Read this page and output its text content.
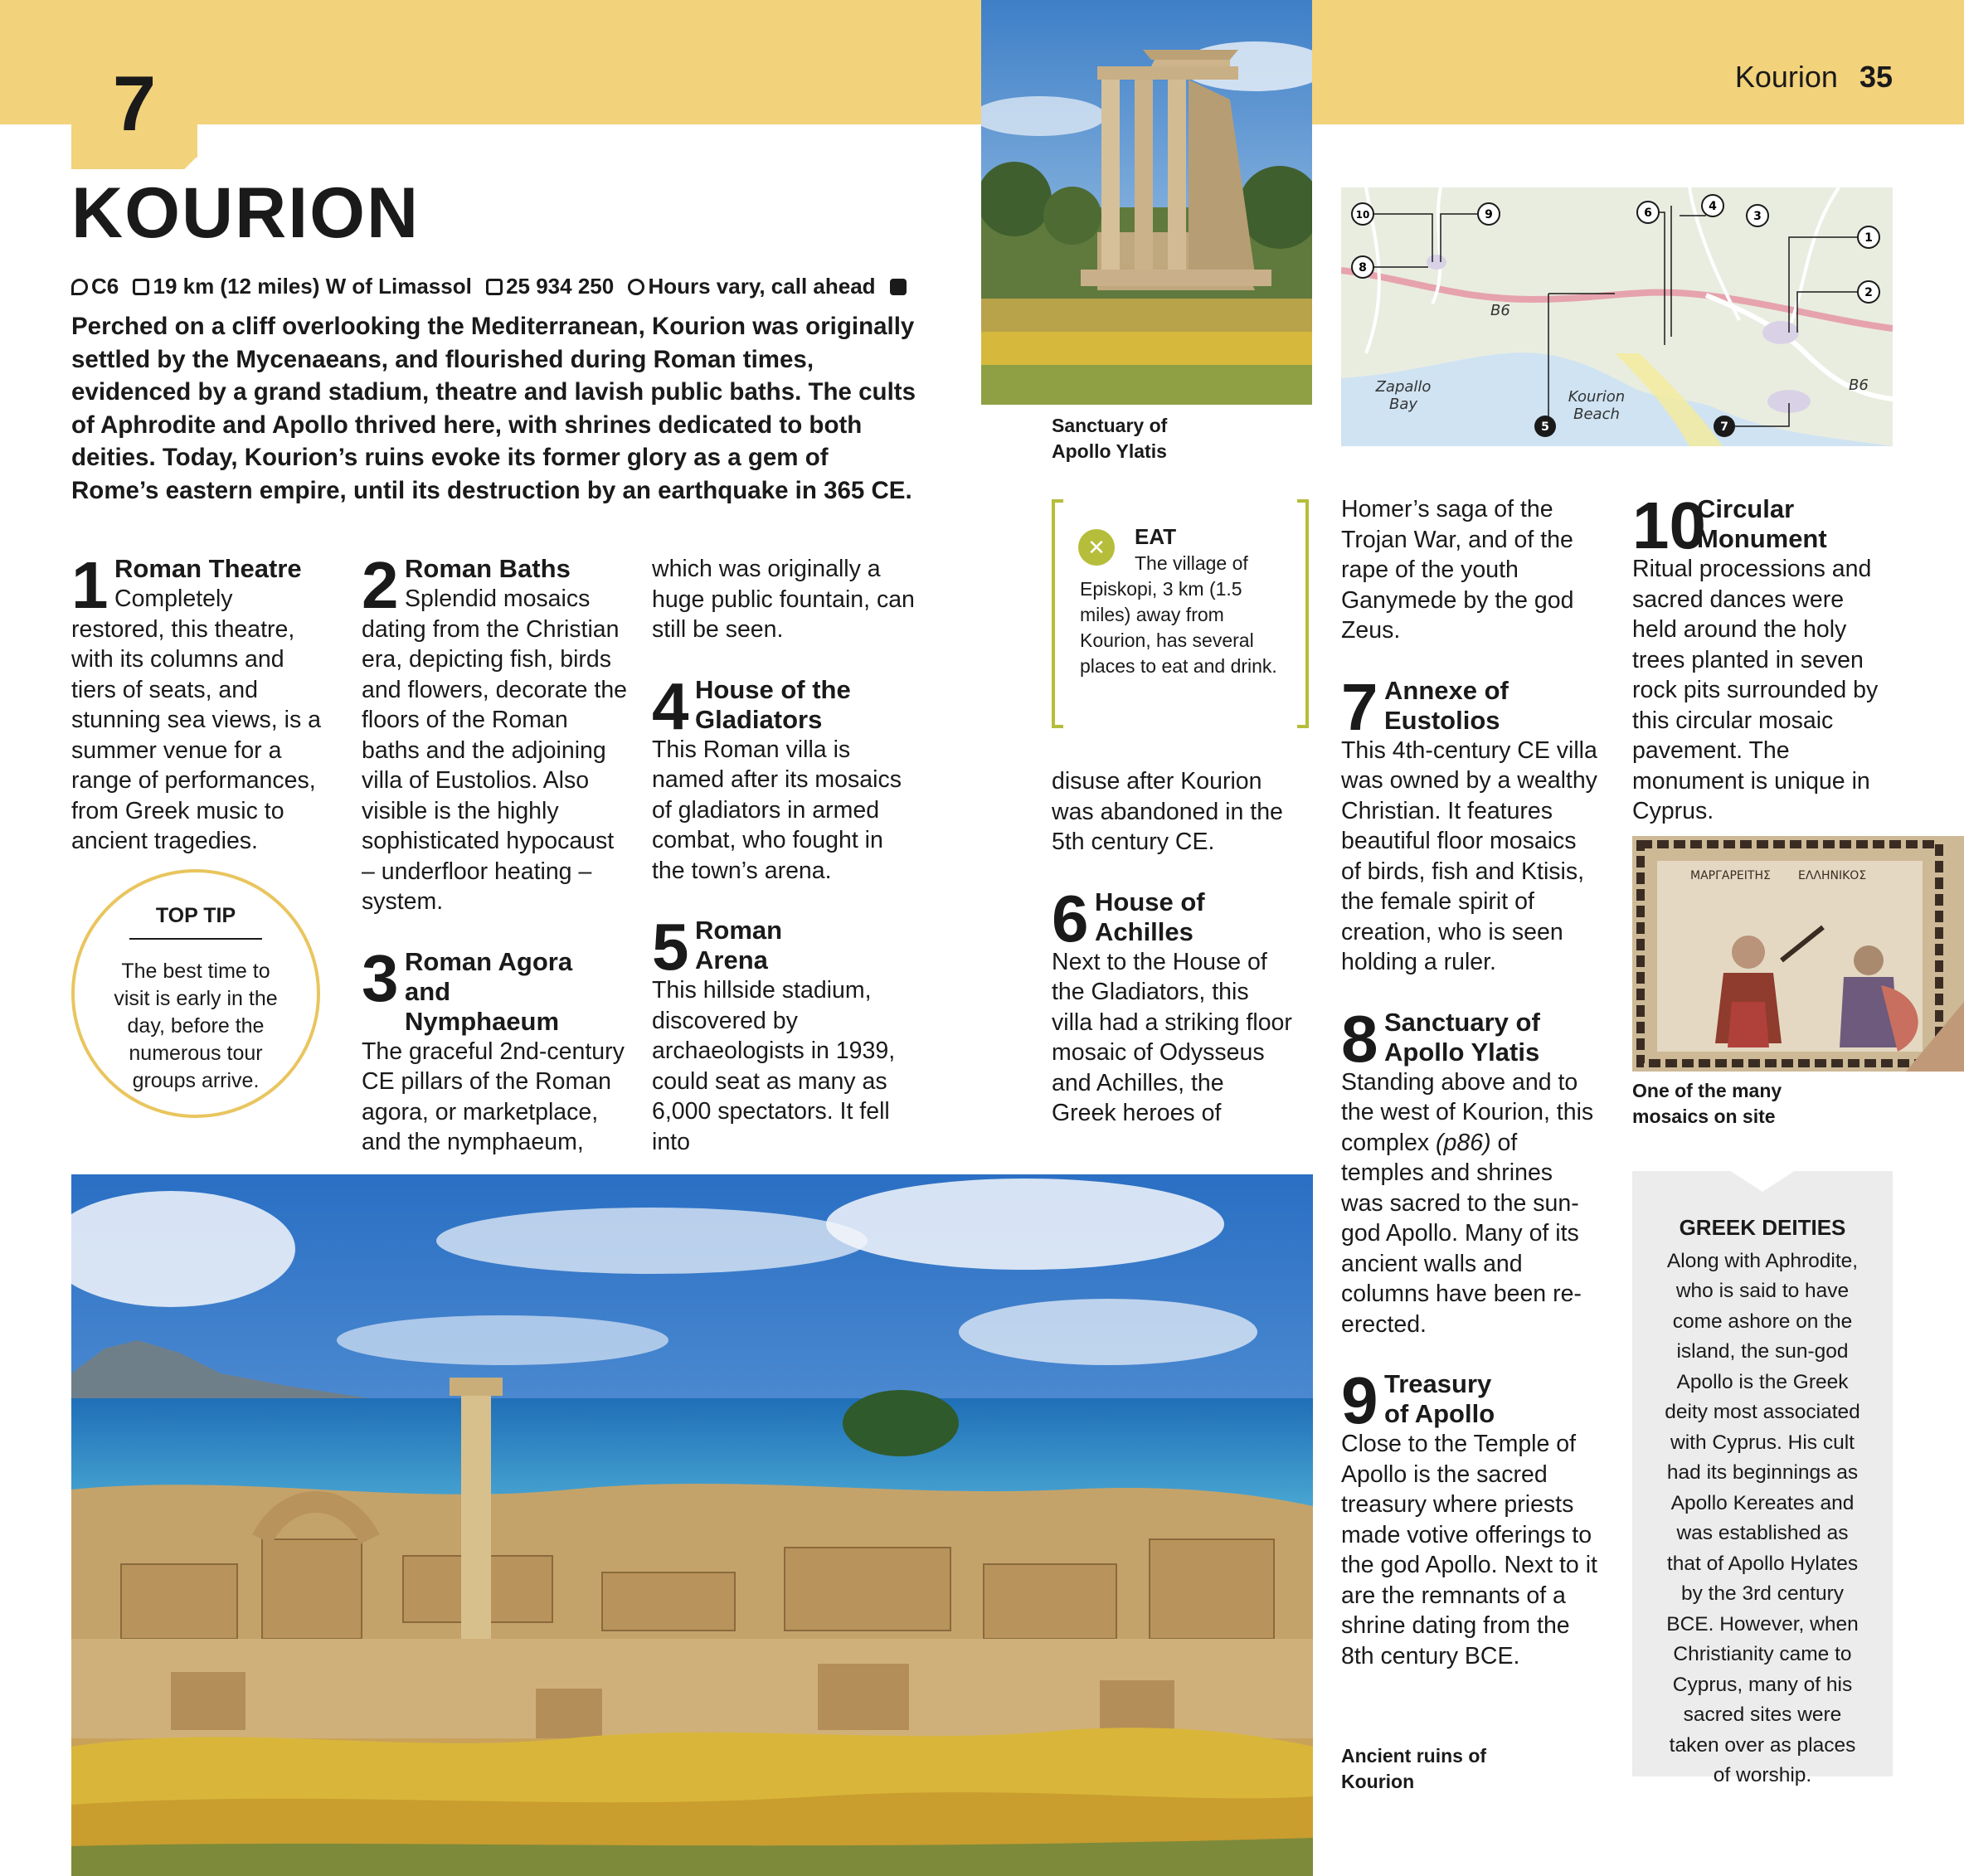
7	Kourion 35
Sanctuary of Apollo Ylatis
KOURION
C6 19 km (12 miles) W of Limassol 25 934 250 Hours vary, call ahead
Perched on a cliff overlooking the Mediterranean, Kourion was originally settled by the Mycenaeans, and flourished during Roman times, evidenced by a grand stadium, theatre and lavish public baths. The cults of Aphrodite and Apollo thrived here, with shrines dedicated to both deities. Today, Kourion’s ruins evoke its former glory as a gem of Rome’s eastern empire, until its destruction by an earthquake in 365 CE.
1 Roman Theatre

Completely restored, this theatre, with its columns and tiers of seats, and stunning sea views, is a summer venue for a range of performances, from Greek music to ancient tragedies.

TOP TIP
The best time to visit is early in the day, before the numerous tour groups arrive.
2 Roman Baths

Splendid mosaics dating from the Christian era, depicting fish, birds and flowers, decorate the floors of the Roman baths and the adjoining villa of Eustolios. Also visible is the highly sophisticated hypocaust – underfloor heating – system.

3 Roman Agora and Nymphaeum

The graceful 2nd-century CE pillars of the Roman agora, or marketplace, and the nymphaeum,

which was originally a huge public fountain, can still be seen.

4 House of the Gladiators

This Roman villa is named after its mosaics of gladiators in armed combat, who fought in the town’s arena.

5 Roman Arena

This hillside stadium, discovered by archaeologists in 1939, could seat as many as 6,000 spectators. It fell into

✕	EAT
The village of Episkopi, 3 km (1.5 miles) away from Kourion, has several places to eat and drink.

disuse after Kourion was abandoned in the 5th century CE.

6 House of Achilles

Next to the House of the Gladiators, this villa had a striking floor mosaic of Odysseus and Achilles, the Greek heroes of

10	9
8
6	4
3
1
2
5	7
B6
B6
Zapallo Bay	Kourion Beach

Homer’s saga of the Trojan War, and of the rape of the youth Ganymede by the god Zeus.

7 Annexe of Eustolios

This 4th-century CE villa was owned by a wealthy Christian. It features beautiful floor mosaics of birds, fish and Ktisis, the female spirit of creation, who is seen holding a ruler.

8 Sanctuary of Apollo Ylatis

Standing above and to the west of Kourion, this complex (p86) of temples and shrines was sacred to the sun-god Apollo. Many of its ancient walls and columns have been re-erected.

9 Treasury of Apollo

Close to the Temple of Apollo is the sacred treasury where priests made votive offerings to the god Apollo. Next to it are the remnants of a shrine dating from the 8th century BCE.

10
Circular Monument

Ritual processions and sacred dances were held around the holy trees planted in seven rock pits surrounded by this circular mosaic pavement. The monument is unique in Cyprus.

ΜΑΡΓΑΡΕΙΤΗΣ ΕΛΛΗΝΙΚΟΣ
One of the many mosaics on site
GREEK DEITIES
Along with Aphrodite, who is said to have come ashore on the island, the sun-god Apollo is the Greek deity most associated with Cyprus. His cult had its beginnings as Apollo Kereates and was established as that of Apollo Hylates by the 3rd century BCE. However, when Christianity came to Cyprus, many of his sacred sites were taken over as places of worship.
Ancient ruins of Kourion
